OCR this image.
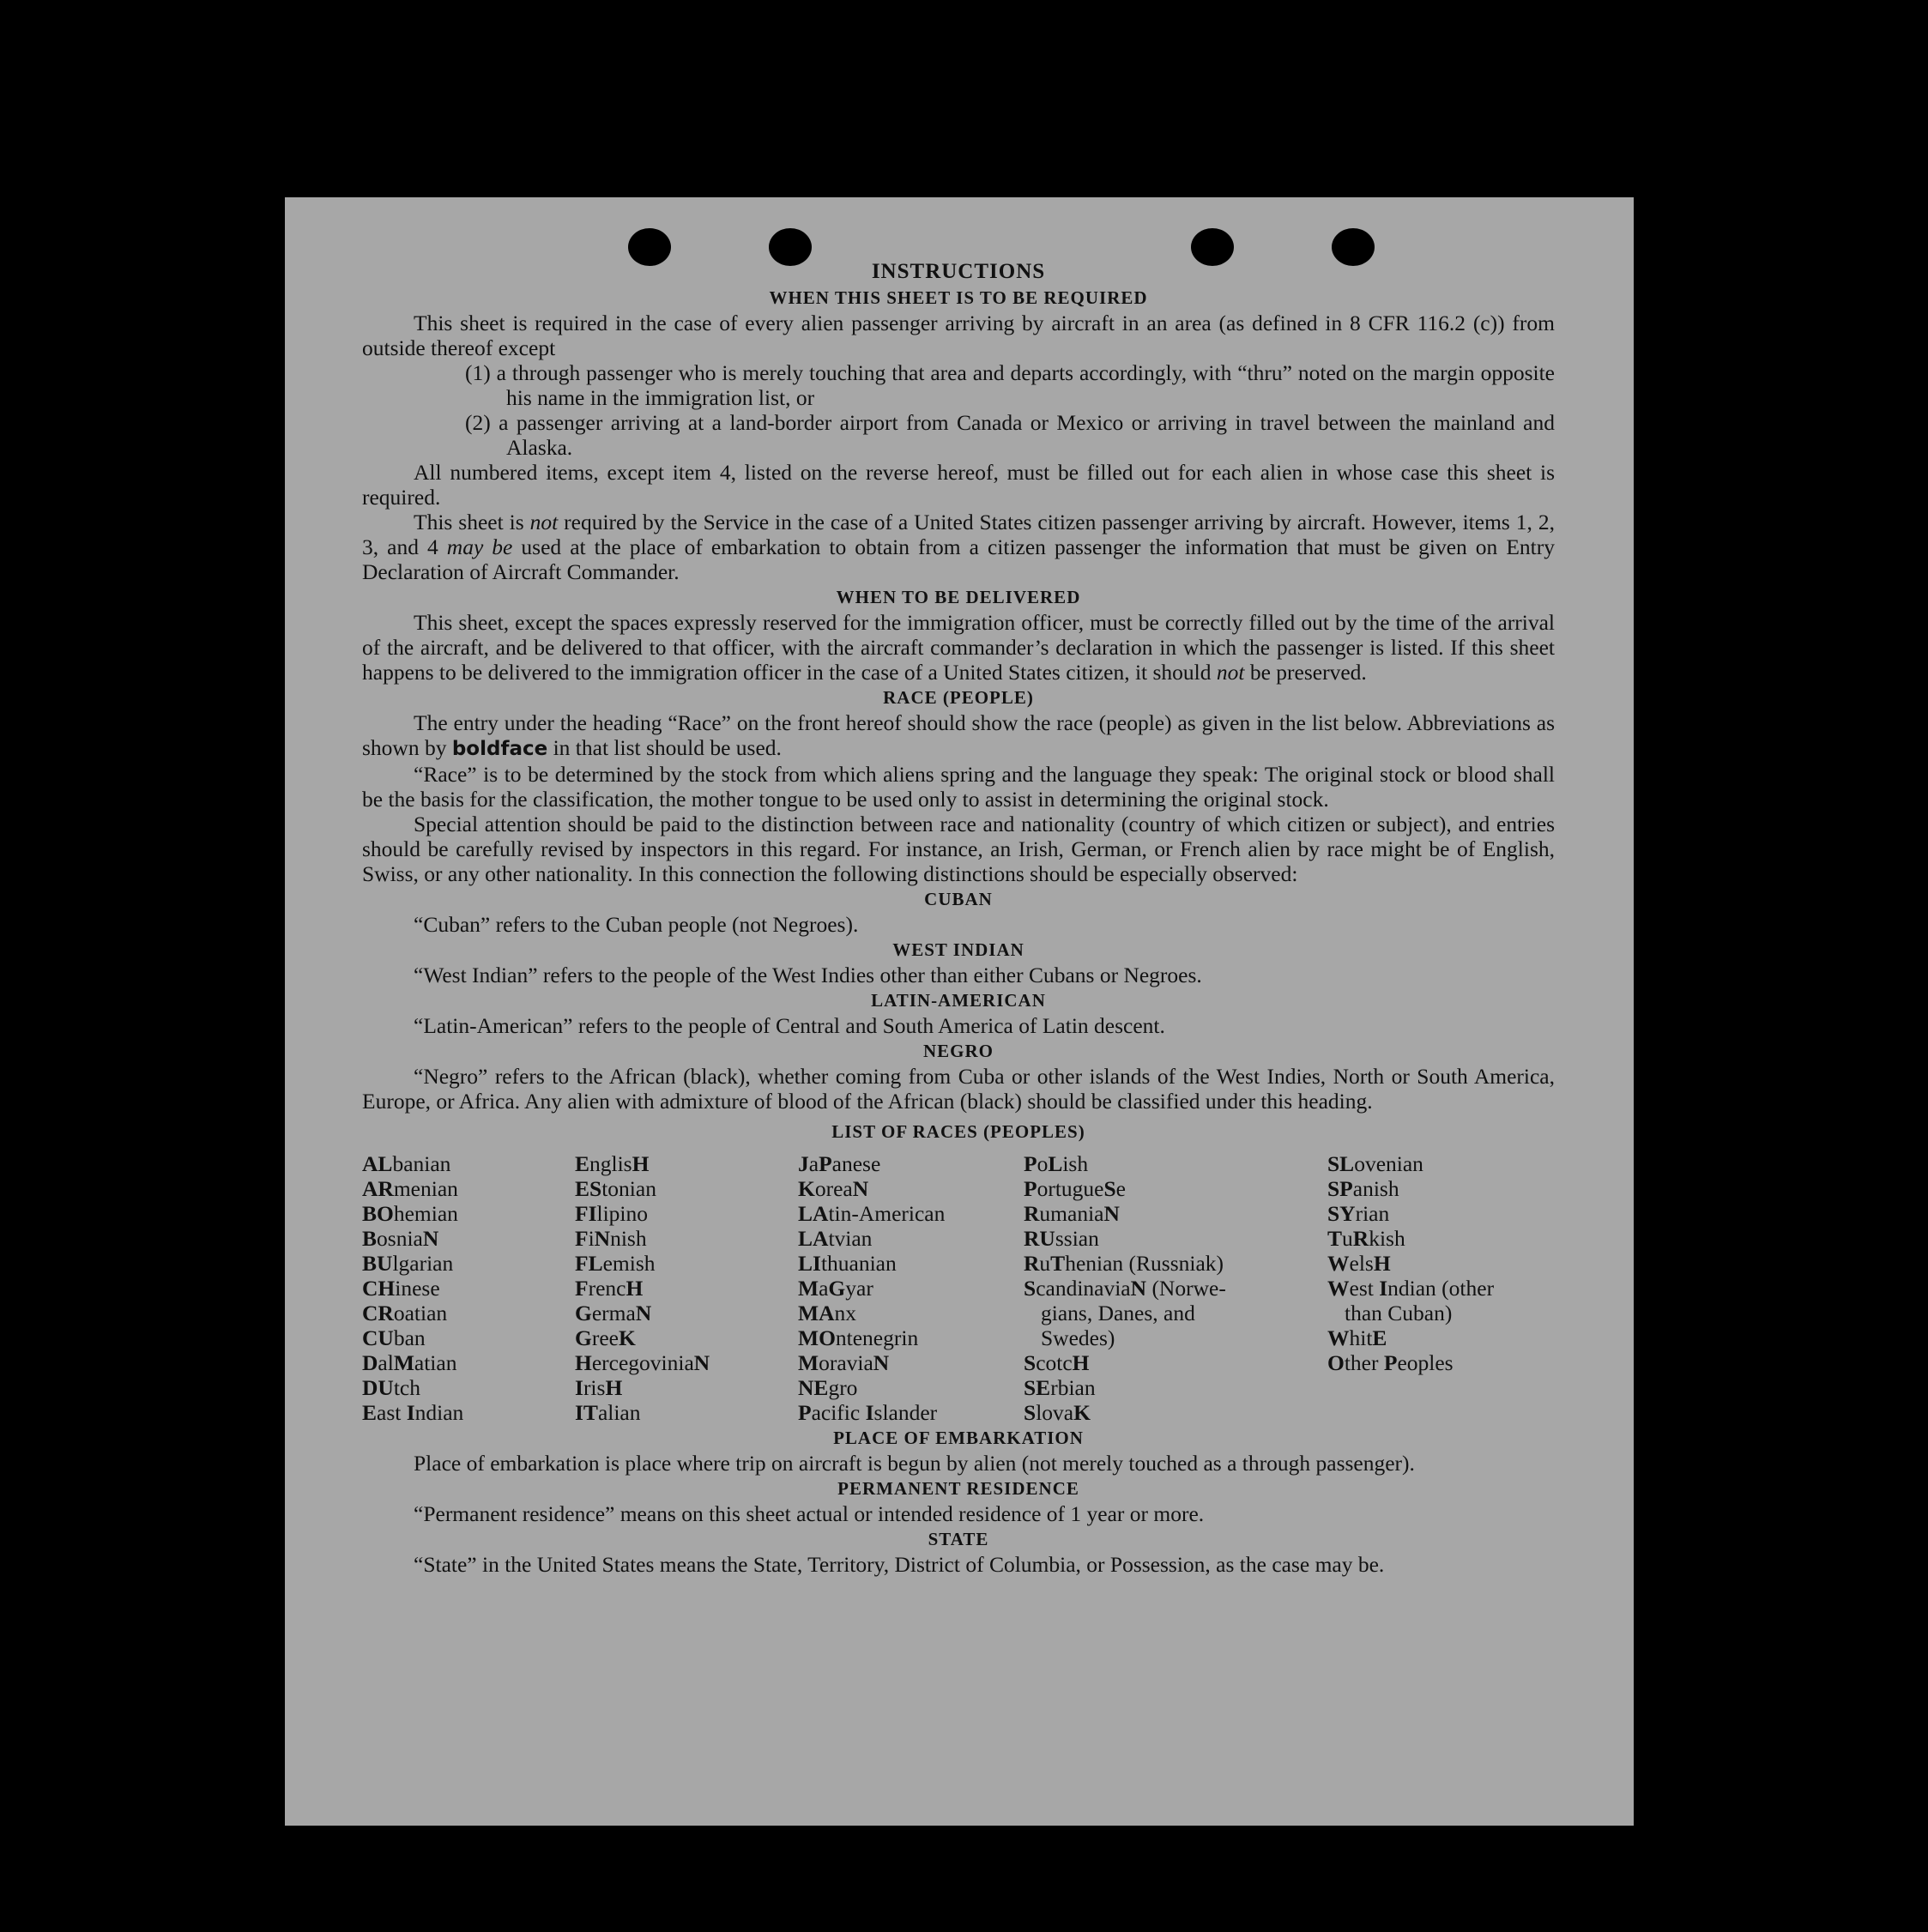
INSTRUCTIONS
WHEN THIS SHEET IS TO BE REQUIRED

This sheet is required in the case of every alien passenger arriving by aircraft in an area (as defined in 8 CFR 116.2 (c)) from outside thereof except

(1) a through passenger who is merely touching that area and departs accordingly, with “thru” noted on the margin opposite his name in the immigration list, or

(2) a passenger arriving at a land-border airport from Canada or Mexico or arriving in travel between the mainland and Alaska.

All numbered items, except item 4, listed on the reverse hereof, must be filled out for each alien in whose case this sheet is required.

This sheet is not required by the Service in the case of a United States citizen passenger arriving by aircraft. However, items 1, 2, 3, and 4 may be used at the place of embarkation to obtain from a citizen passenger the information that must be given on Entry Declaration of Aircraft Commander.

WHEN TO BE DELIVERED

This sheet, except the spaces expressly reserved for the immigration officer, must be correctly filled out by the time of the arrival of the aircraft, and be delivered to that officer, with the aircraft commander’s declaration in which the passenger is listed. If this sheet happens to be delivered to the immigration officer in the case of a United States citizen, it should not be preserved.

RACE (PEOPLE)

The entry under the heading “Race” on the front hereof should show the race (people) as given in the list below. Abbreviations as shown by boldface in that list should be used.

“Race” is to be determined by the stock from which aliens spring and the language they speak: The original stock or blood shall be the basis for the classification, the mother tongue to be used only to assist in determining the original stock.

Special attention should be paid to the distinction between race and nationality (country of which citizen or subject), and entries should be carefully revised by inspectors in this regard. For instance, an Irish, German, or French alien by race might be of English, Swiss, or any other nationality. In this connection the following distinctions should be especially observed:

CUBAN

“Cuban” refers to the Cuban people (not Negroes).

WEST INDIAN

“West Indian” refers to the people of the West Indies other than either Cubans or Negroes.

LATIN-AMERICAN

“Latin-American” refers to the people of Central and South America of Latin descent.

NEGRO

“Negro” refers to the African (black), whether coming from Cuba or other islands of the West Indies, North or South America, Europe, or Africa. Any alien with admixture of blood of the African (black) should be classified under this heading.

LIST OF RACES (PEOPLES)
ALbanian
ARmenian
BOhemian
BosniaN
BUlgarian
CHinese
CRoatian
CUban
DalMatian
DUtch
East Indian
EnglisH
EStonian
FIlipino
FiNnish
FLemish
FrencH
GermaN
GreeK
HercegoviniaN
IrisH
ITalian
JaPanese
KoreaN
LAtin-American
LAtvian
LIthuanian
MaGyar
MAnx
MOntenegrin
MoraviaN
NEgro
Pacific Islander
PoLish
PortugueSe
RumaniaN
RUssian
RuThenian (Russniak)
ScandinaviaN (Norwe-
gians, Danes, and
Swedes)
ScotcH
SErbian
SlovaK
SLovenian
SPanish
SYrian
TuRkish
WelsH
West Indian (other
than Cuban)
WhitE
Other Peoples
PLACE OF EMBARKATION

Place of embarkation is place where trip on aircraft is begun by alien (not merely touched as a through passenger).

PERMANENT RESIDENCE

“Permanent residence” means on this sheet actual or intended residence of 1 year or more.

STATE

“State” in the United States means the State, Territory, District of Columbia, or Possession, as the case may be.
